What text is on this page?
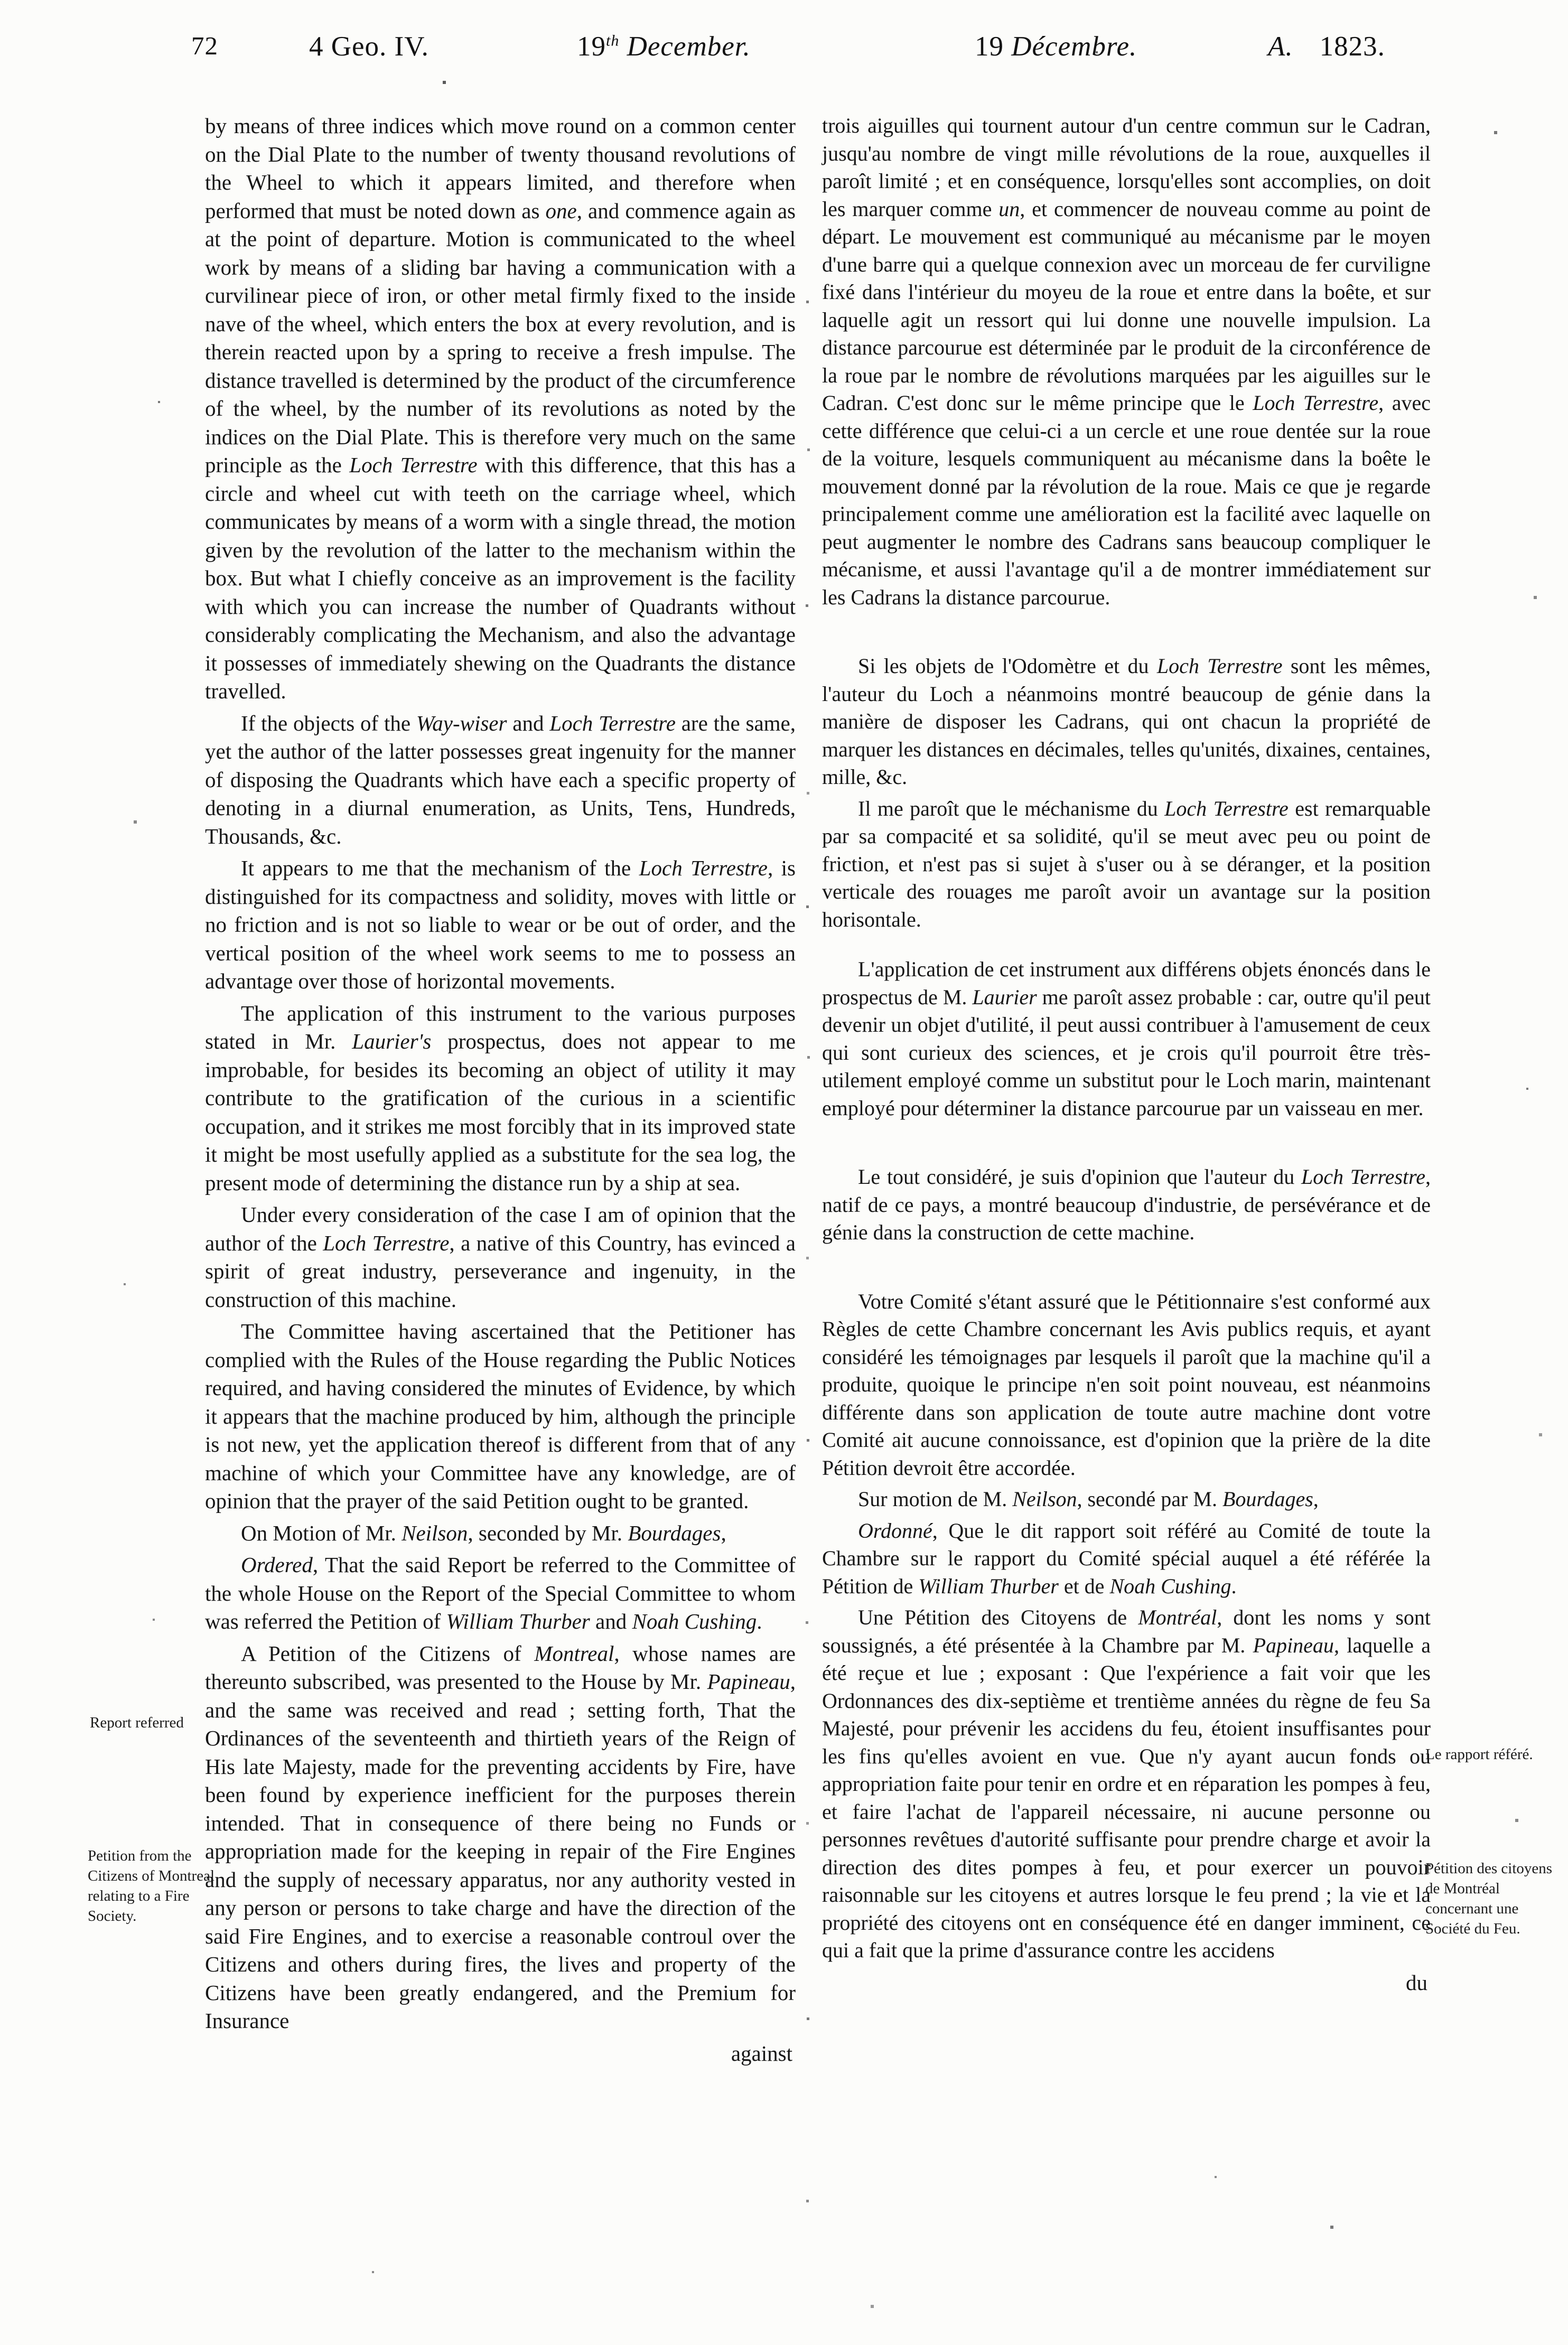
72	4 Geo. IV.	19th December.	19 Décembre.	A. 1823.
Report referred
Petition from the Citizens of Montreal relating to a Fire Society.
Le rapport référé.
Pétition des citoyens de Montréal concernant une Société du Feu.

by means of three indices which move round on a common center on the Dial Plate to the number of twenty thousand revolutions of the Wheel to which it appears limited, and therefore when performed that must be noted down as one, and commence again as at the point of departure. Motion is communicated to the wheel work by means of a sliding bar having a communication with a curvilinear piece of iron, or other metal firmly fixed to the inside nave of the wheel, which enters the box at every revolution, and is therein reacted upon by a spring to receive a fresh impulse. The distance travelled is determined by the product of the circumference of the wheel, by the number of its revolutions as noted by the indices on the Dial Plate. This is therefore very much on the same principle as the Loch Terrestre with this difference, that this has a circle and wheel cut with teeth on the carriage wheel, which communicates by means of a worm with a single thread, the motion given by the revolution of the latter to the mechanism within the box. But what I chiefly conceive as an improvement is the facility with which you can increase the number of Quadrants without considerably complicating the Mechanism, and also the advantage it possesses of immediately shewing on the Quadrants the distance travelled.

If the objects of the Way-wiser and Loch Terrestre are the same, yet the author of the latter possesses great ingenuity for the manner of disposing the Quadrants which have each a specific property of denoting in a diurnal enumeration, as Units, Tens, Hundreds, Thousands, &c.

It appears to me that the mechanism of the Loch Terrestre, is distinguished for its compactness and solidity, moves with little or no friction and is not so liable to wear or be out of order, and the vertical position of the wheel work seems to me to possess an advantage over those of horizontal movements.

The application of this instrument to the various purposes stated in Mr. Laurier's prospectus, does not appear to me improbable, for besides its becoming an object of utility it may contribute to the gratification of the curious in a scientific occupation, and it strikes me most forcibly that in its improved state it might be most usefully applied as a substitute for the sea log, the present mode of determining the distance run by a ship at sea.

Under every consideration of the case I am of opinion that the author of the Loch Terrestre, a native of this Country, has evinced a spirit of great industry, perseverance and ingenuity, in the construction of this machine.

The Committee having ascertained that the Petitioner has complied with the Rules of the House regarding the Public Notices required, and having considered the minutes of Evidence, by which it appears that the machine produced by him, although the principle is not new, yet the application thereof is different from that of any machine of which your Committee have any knowledge, are of opinion that the prayer of the said Petition ought to be granted.

On Motion of Mr. Neilson, seconded by Mr. Bourdages,

Ordered, That the said Report be referred to the Committee of the whole House on the Report of the Special Committee to whom was referred the Petition of William Thurber and Noah Cushing.

A Petition of the Citizens of Montreal, whose names are thereunto subscribed, was presented to the House by Mr. Papineau, and the same was received and read ; setting forth, That the Ordinances of the seventeenth and thirtieth years of the Reign of His late Majesty, made for the preventing accidents by Fire, have been found by experience inefficient for the purposes therein intended. That in consequence of there being no Funds or appropriation made for the keeping in repair of the Fire Engines and the supply of necessary apparatus, nor any authority vested in any person or persons to take charge and have the direction of the said Fire Engines, and to exercise a reasonable controul over the Citizens and others during fires, the lives and property of the Citizens have been greatly endangered, and the Premium for Insurance

against

trois aiguilles qui tournent autour d'un centre commun sur le Cadran, jusqu'au nombre de vingt mille révolutions de la roue, auxquelles il paroît limité ; et en conséquence, lorsqu'elles sont accomplies, on doit les marquer comme un, et commencer de nouveau comme au point de départ. Le mouvement est communiqué au mécanisme par le moyen d'une barre qui a quelque connexion avec un morceau de fer curviligne fixé dans l'intérieur du moyeu de la roue et entre dans la boête, et sur laquelle agit un ressort qui lui donne une nouvelle impulsion. La distance parcourue est déterminée par le produit de la circonférence de la roue par le nombre de révolutions marquées par les aiguilles sur le Cadran. C'est donc sur le même principe que le Loch Terrestre, avec cette différence que celui-ci a un cercle et une roue dentée sur la roue de la voiture, lesquels communiquent au mécanisme dans la boête le mouvement donné par la révolution de la roue. Mais ce que je regarde principalement comme une amélioration est la facilité avec laquelle on peut augmenter le nombre des Cadrans sans beaucoup compliquer le mécanisme, et aussi l'avantage qu'il a de montrer immédiatement sur les Cadrans la distance parcourue.

Si les objets de l'Odomètre et du Loch Terrestre sont les mêmes, l'auteur du Loch a néanmoins montré beaucoup de génie dans la manière de disposer les Cadrans, qui ont chacun la propriété de marquer les distances en décimales, telles qu'unités, dixaines, centaines, mille, &c.

Il me paroît que le méchanisme du Loch Terrestre est remarquable par sa compacité et sa solidité, qu'il se meut avec peu ou point de friction, et n'est pas si sujet à s'user ou à se déranger, et la position verticale des rouages me paroît avoir un avantage sur la position horisontale.

L'application de cet instrument aux différens objets énoncés dans le prospectus de M. Laurier me paroît assez probable : car, outre qu'il peut devenir un objet d'utilité, il peut aussi contribuer à l'amusement de ceux qui sont curieux des sciences, et je crois qu'il pourroit être très-utilement employé comme un substitut pour le Loch marin, maintenant employé pour déterminer la distance parcourue par un vaisseau en mer.

Le tout considéré, je suis d'opinion que l'auteur du Loch Terrestre, natif de ce pays, a montré beaucoup d'industrie, de persévérance et de génie dans la construction de cette machine.

Votre Comité s'étant assuré que le Pétitionnaire s'est conformé aux Règles de cette Chambre concernant les Avis publics requis, et ayant considéré les témoignages par lesquels il paroît que la machine qu'il a produite, quoique le principe n'en soit point nouveau, est néanmoins différente dans son application de toute autre machine dont votre Comité ait aucune connoissance, est d'opinion que la prière de la dite Pétition devroit être accordée.

Sur motion de M. Neilson, secondé par M. Bourdages,

Ordonné, Que le dit rapport soit référé au Comité de toute la Chambre sur le rapport du Comité spécial auquel a été référée la Pétition de William Thurber et de Noah Cushing.

Une Pétition des Citoyens de Montréal, dont les noms y sont soussignés, a été présentée à la Chambre par M. Papineau, laquelle a été reçue et lue ; exposant : Que l'expérience a fait voir que les Ordonnances des dix-septième et trentième années du règne de feu Sa Majesté, pour prévenir les accidens du feu, étoient insuffisantes pour les fins qu'elles avoient en vue. Que n'y ayant aucun fonds ou appropriation faite pour tenir en ordre et en réparation les pompes à feu, et faire l'achat de l'appareil nécessaire, ni aucune personne ou personnes revêtues d'autorité suffisante pour prendre charge et avoir la direction des dites pompes à feu, et pour exercer un pouvoir raisonnable sur les citoyens et autres lorsque le feu prend ; la vie et la propriété des citoyens ont en conséquence été en danger imminent, ce qui a fait que la prime d'assurance contre les accidens

du
